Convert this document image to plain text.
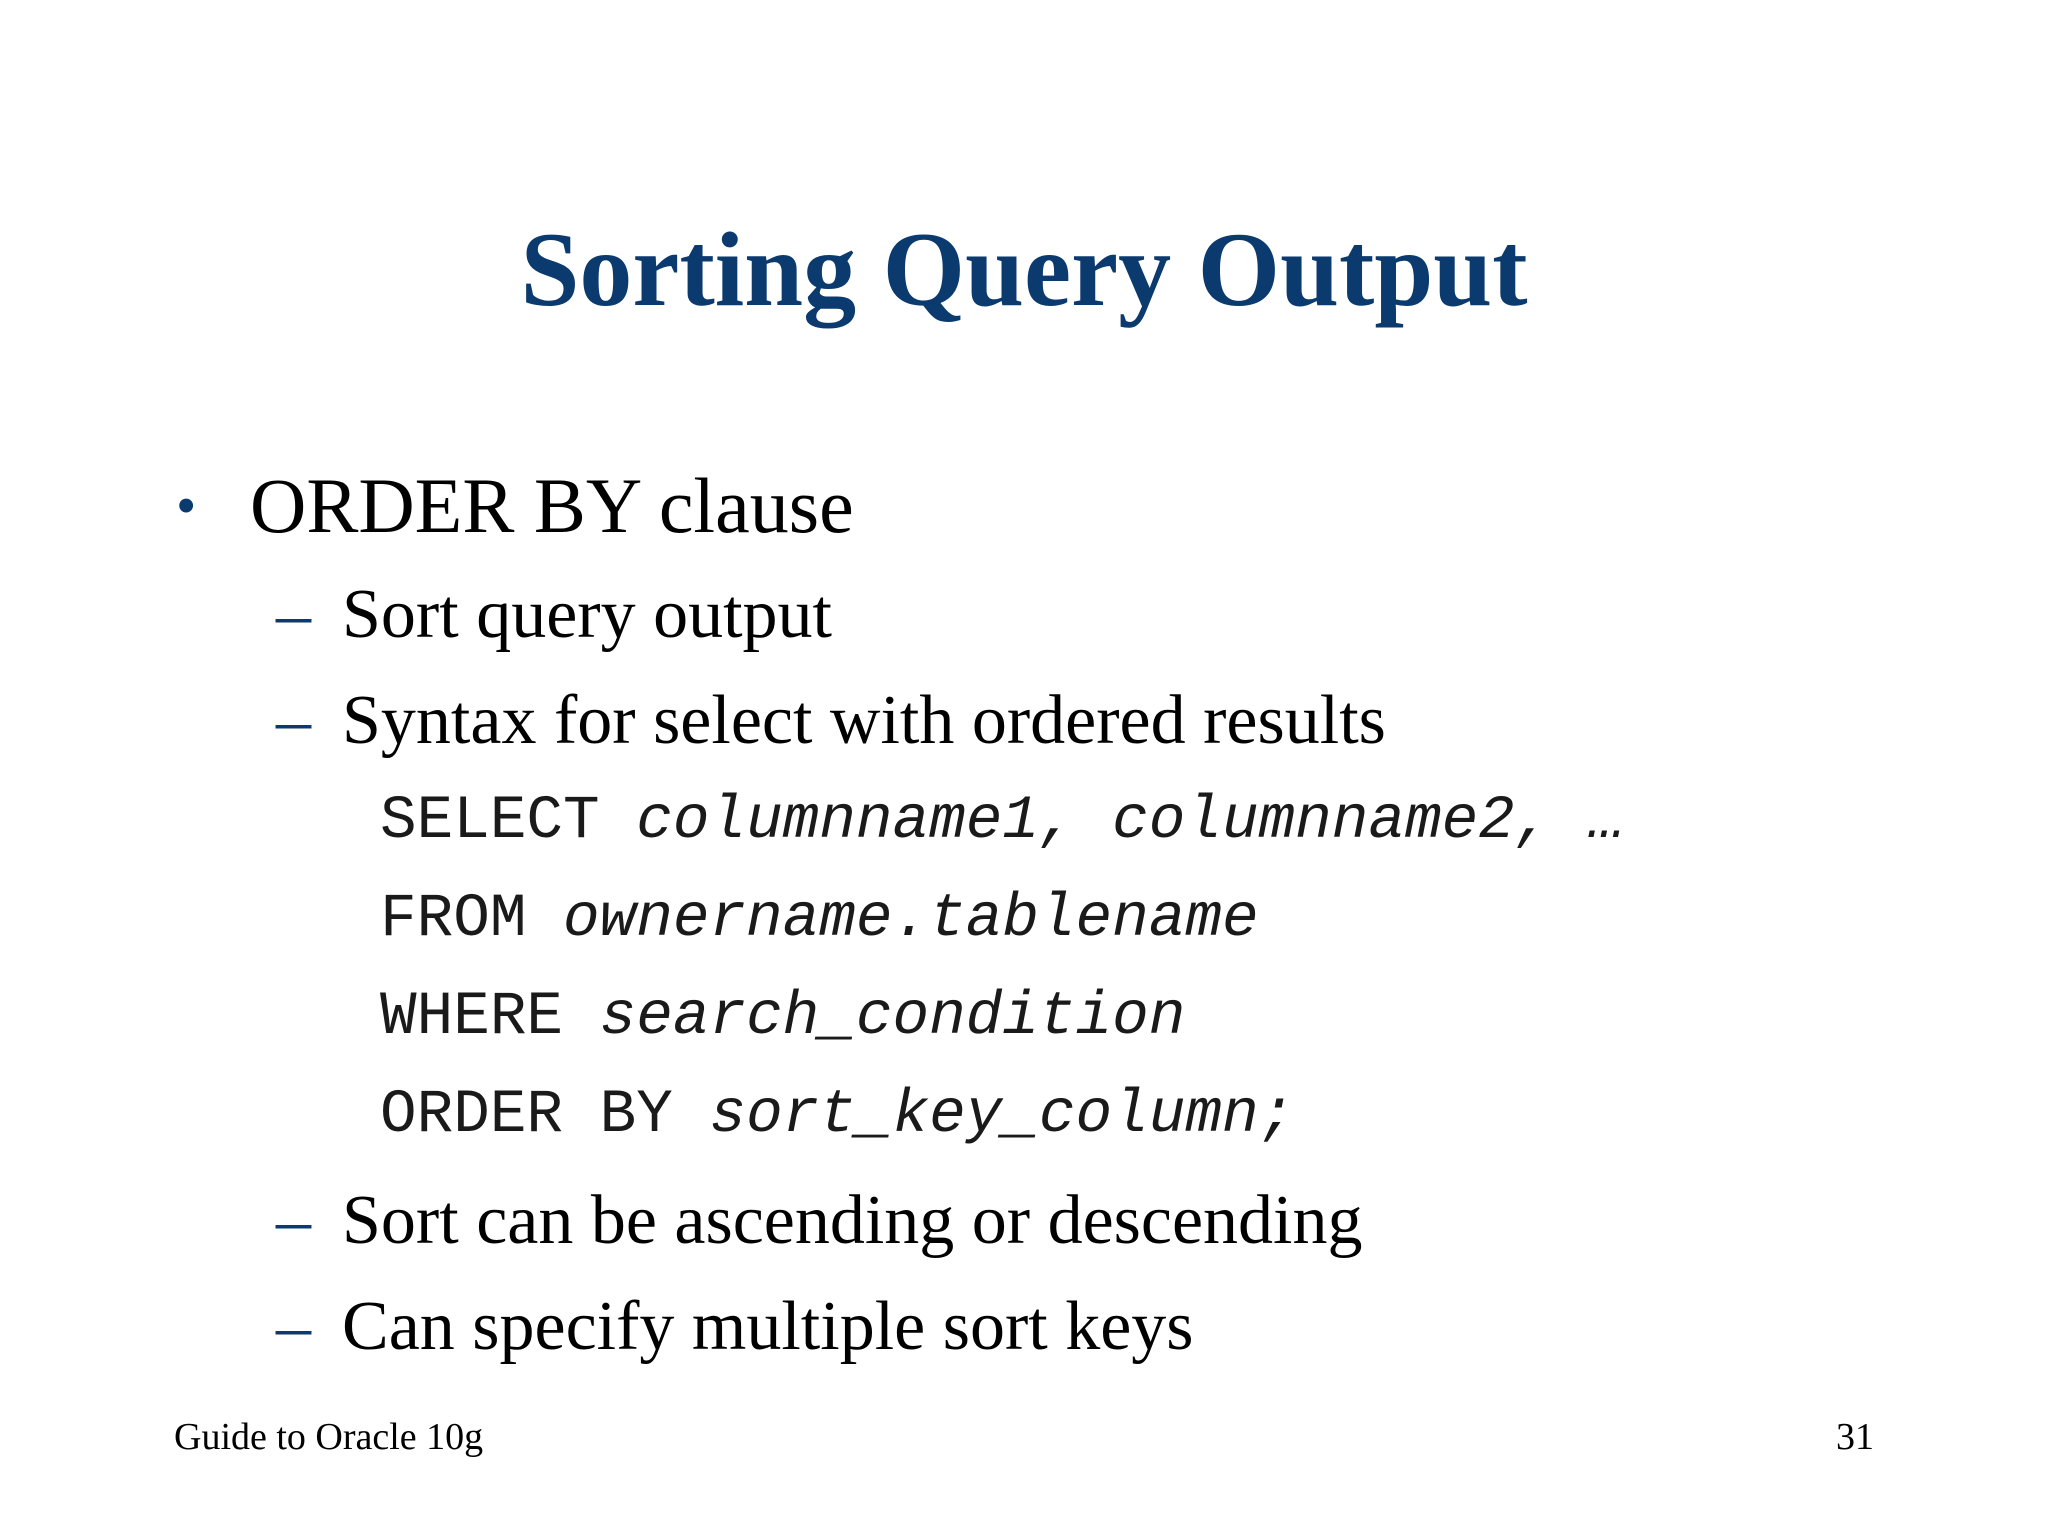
Sorting Query Output
• ORDER BY clause
– Sort query output
– Syntax for select with ordered results
SELECT columnname1, columnname2, …
FROM ownername.tablename
WHERE search_condition
ORDER BY sort_key_column;
– Sort can be ascending or descending
– Can specify multiple sort keys
Guide to Oracle 10g	31
